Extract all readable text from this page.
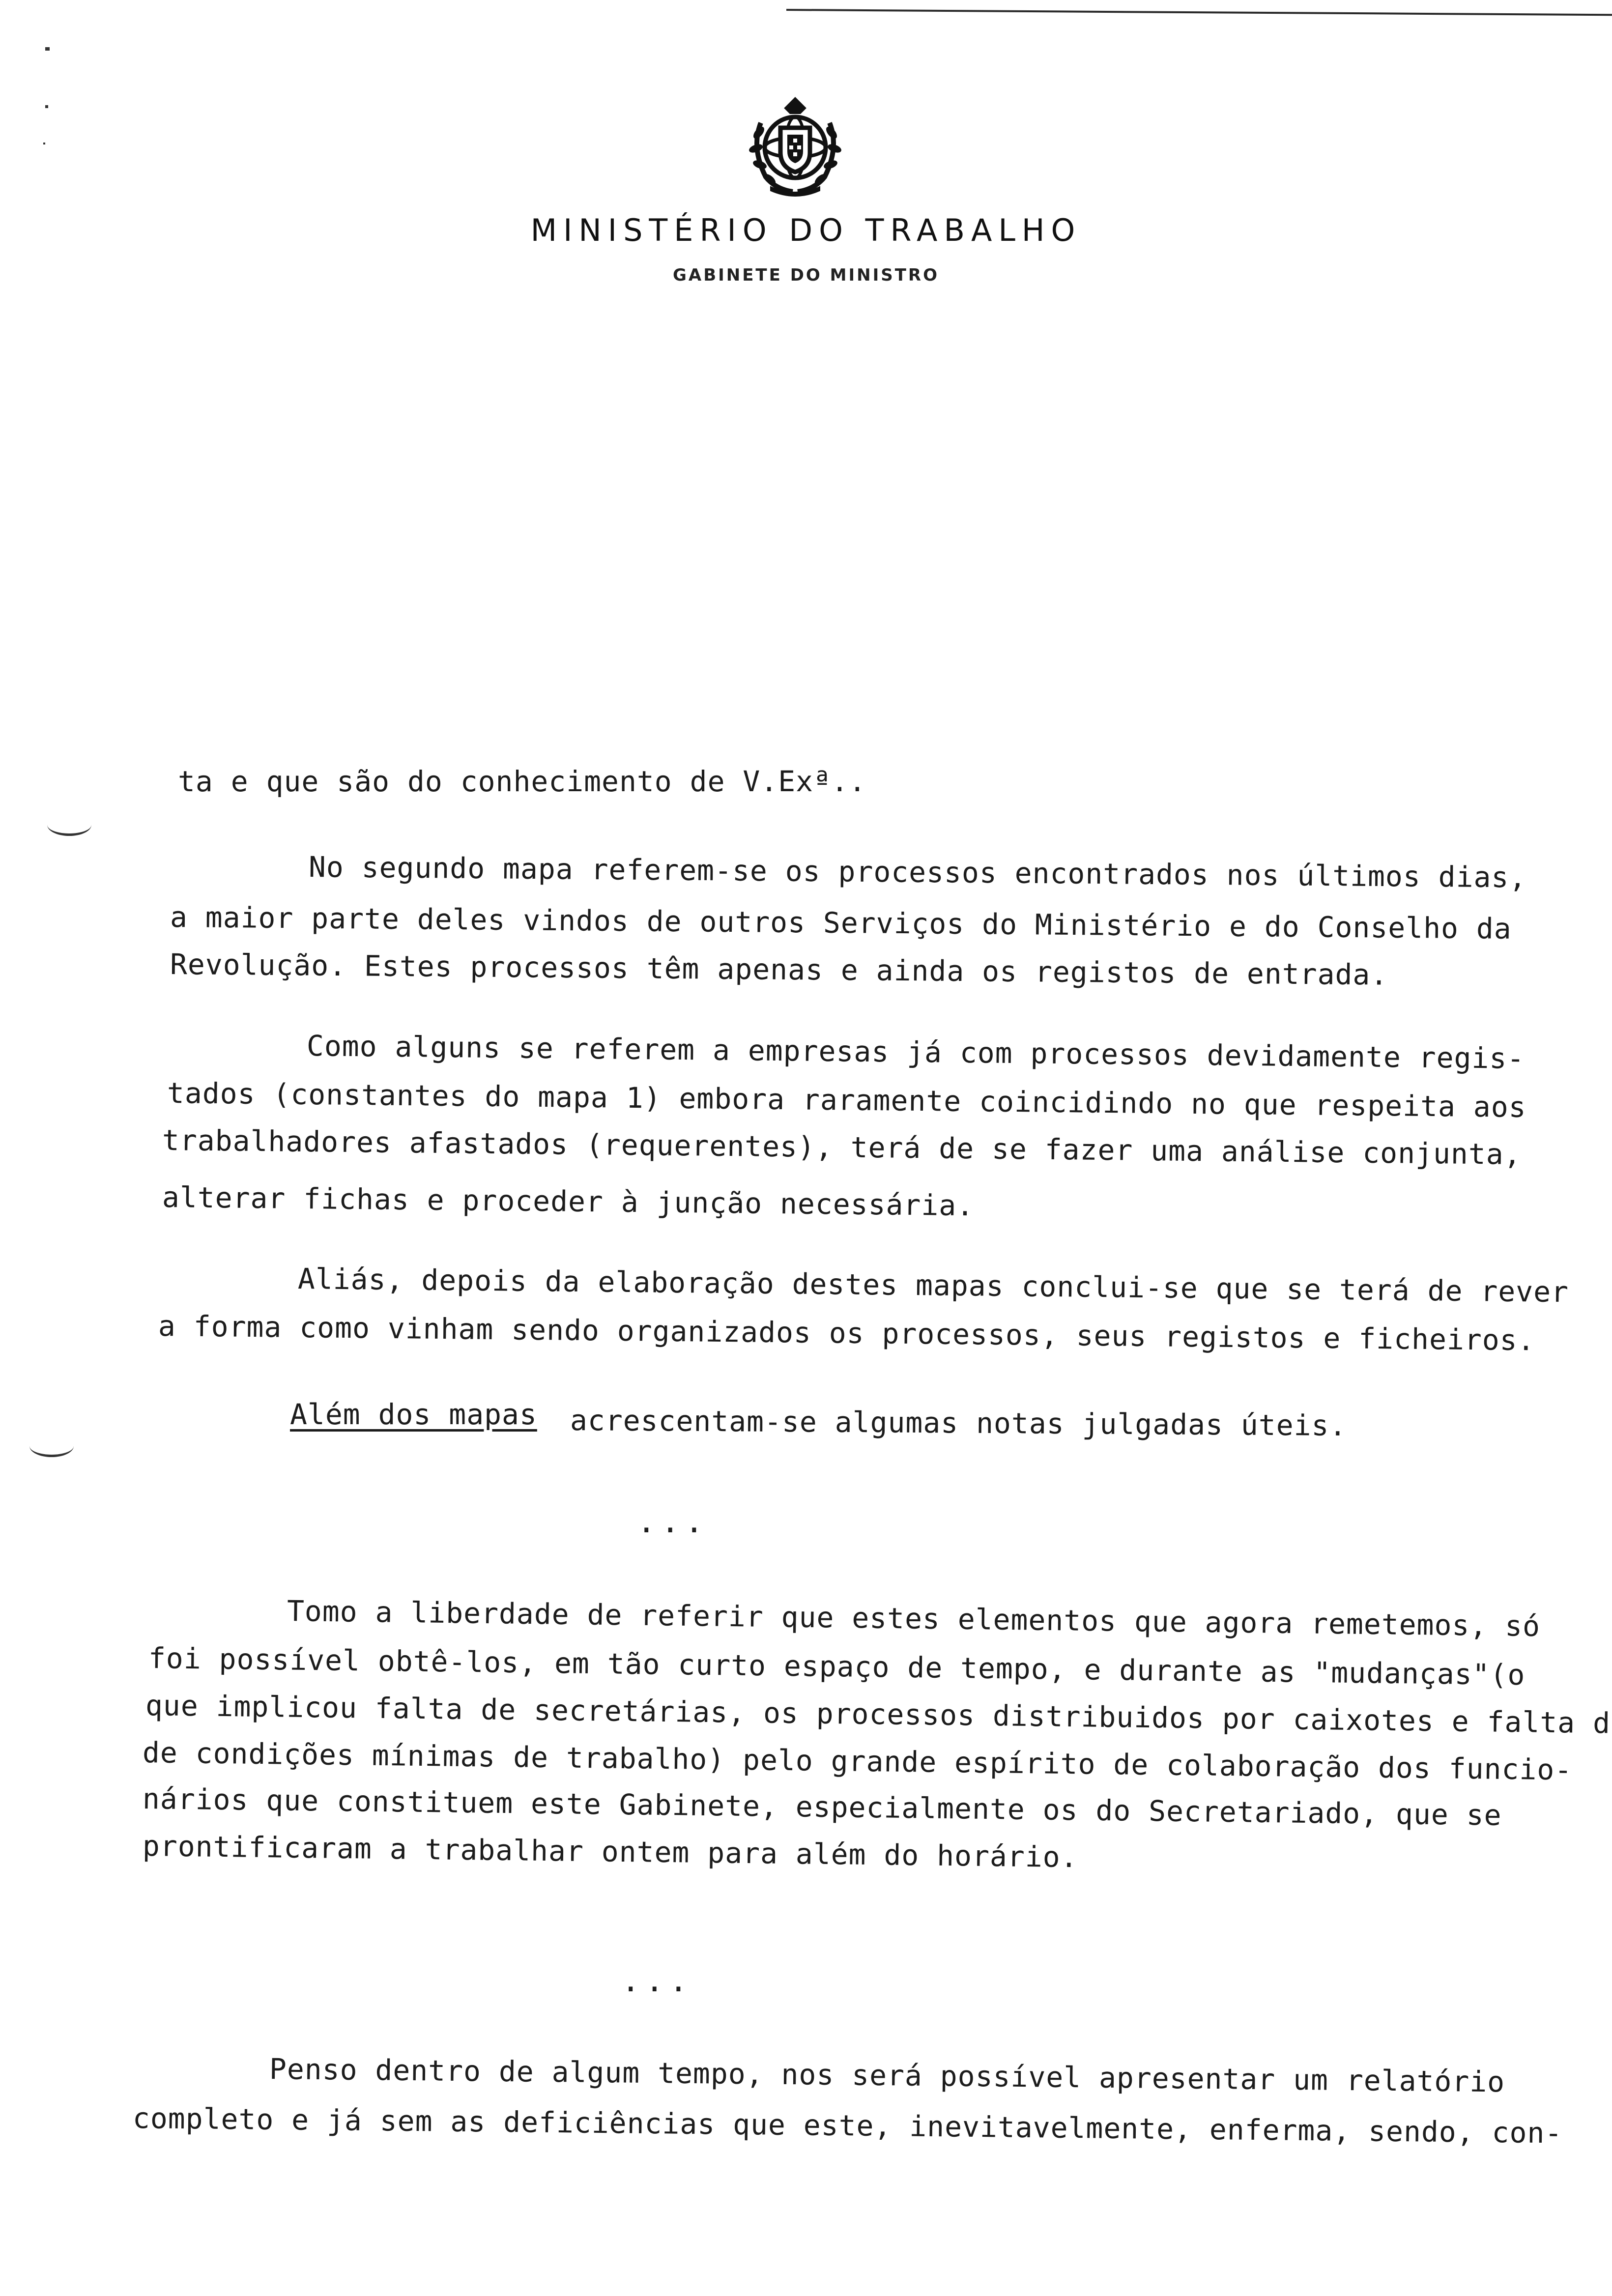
MINISTÉRIO DO TRABALHO
GABINETE DO MINISTRO
ta e que são do conhecimento de V.Exª..
No segundo mapa referem-se os processos encontrados nos últimos dias,
a maior parte deles vindos de outros Serviços do Ministério e do Conselho da
Revolução. Estes processos têm apenas e ainda os registos de entrada.
Como alguns se referem a empresas já com processos devidamente regis-
tados (constantes do mapa 1) embora raramente coincidindo no que respeita aos
trabalhadores afastados (requerentes), terá de se fazer uma análise conjunta,
alterar fichas e proceder à junção necessária.
Aliás, depois da elaboração destes mapas conclui-se que se terá de rever
a forma como vinham sendo organizados os processos, seus registos e ficheiros.
Além dos mapas acrescentam-se algumas notas julgadas úteis.
...
Tomo a liberdade de referir que estes elementos que agora remetemos, só
foi possível obtê-los, em tão curto espaço de tempo, e durante as "mudanças"(o
que implicou falta de secretárias, os processos distribuidos por caixotes e falta d
de condições mínimas de trabalho) pelo grande espírito de colaboração dos funcio-
nários que constituem este Gabinete, especialmente os do Secretariado, que se
prontificaram a trabalhar ontem para além do horário.
...
Penso dentro de algum tempo, nos será possível apresentar um relatório
completo e já sem as deficiências que este, inevitavelmente, enferma, sendo, con-
